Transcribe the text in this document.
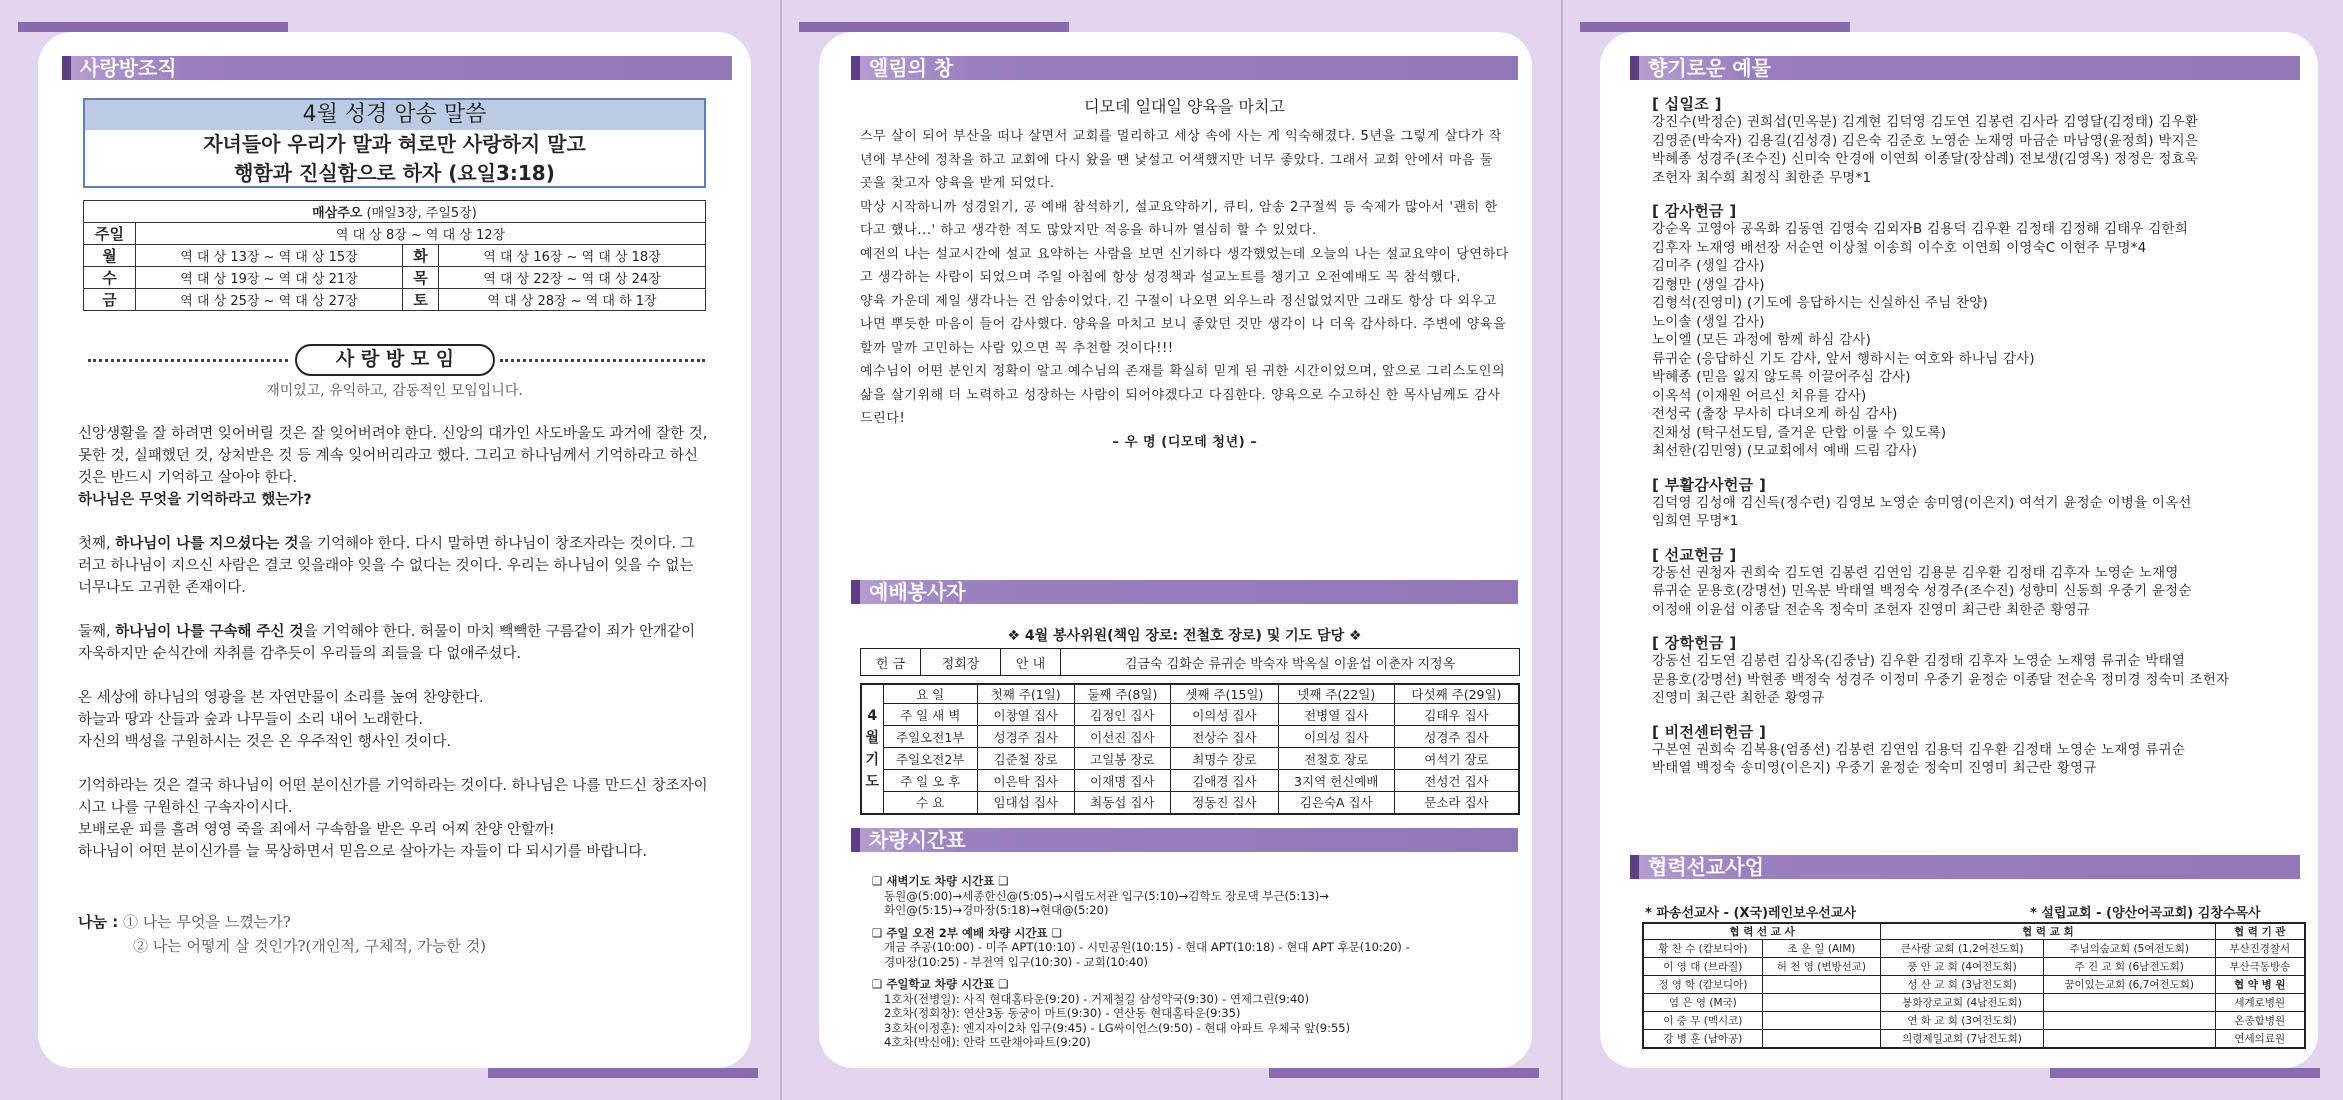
사랑방조직
4월 성경 암송 말씀
자녀들아 우리가 말과 혀로만 사랑하지 말고
행함과 진실함으로 하자 (요일3:18)
매삼주오 (매일3장, 주일5장)			
주일	역 대 상 8장 ~ 역 대 상 12장		
월	역 대 상 13장 ~ 역 대 상 15장	화	역 대 상 16장 ~ 역 대 상 18장
수	역 대 상 19장 ~ 역 대 상 21장	목	역 대 상 22장 ~ 역 대 상 24장
금	역 대 상 25장 ~ 역 대 상 27장	토	역 대 상 28장 ~ 역 대 하 1장
사 랑 방 모 임
재미있고, 유익하고, 감동적인 모임입니다.

신앙생활을 잘 하려면 잊어버릴 것은 잘 잊어버려야 한다. 신앙의 대가인 사도바울도 과거에 잘한 것, 못한 것, 실패했던 것, 상처받은 것 등 계속 잊어버리라고 했다. 그리고 하나님께서 기억하라고 하신 것은 반드시 기억하고 살아야 한다.

하나님은 무엇을 기억하라고 했는가?

첫째, 하나님이 나를 지으셨다는 것을 기억해야 한다. 다시 말하면 하나님이 창조자라는 것이다. 그러고 하나님이 지으신 사람은 결코 잊을래야 잊을 수 없다는 것이다. 우리는 하나님이 잊을 수 없는 너무나도 고귀한 존재이다.

둘째, 하나님이 나를 구속해 주신 것을 기억해야 한다. 허물이 마치 빽빽한 구름같이 죄가 안개같이 자욱하지만 순식간에 자취를 감추듯이 우리들의 죄들을 다 없애주셨다.

온 세상에 하나님의 영광을 본 자연만물이 소리를 높여 찬양한다.

하늘과 땅과 산들과 숲과 나무들이 소리 내어 노래한다.

자신의 백성을 구원하시는 것은 온 우주적인 행사인 것이다.

기억하라는 것은 결국 하나님이 어떤 분이신가를 기억하라는 것이다. 하나님은 나를 만드신 창조자이시고 나를 구원하신 구속자이시다.

보배로운 피를 흘려 영영 죽을 죄에서 구속함을 받은 우리 어찌 찬양 안할까!

하나님이 어떤 분이신가를 늘 묵상하면서 믿음으로 살아가는 자들이 다 되시기를 바랍니다.

나눔 : ① 나는 무엇을 느꼈는가?
② 나는 어떻게 살 것인가?(개인적, 구체적, 가능한 것)
엘림의 창
디모데 일대일 양육을 마치고

스무 살이 되어 부산을 떠나 살면서 교회를 멀리하고 세상 속에 사는 게 익숙해졌다. 5년을 그렇게 살다가 작년에 부산에 정착을 하고 교회에 다시 왔을 땐 낯설고 어색했지만 너무 좋았다. 그래서 교회 안에서 마음 둘 곳을 찾고자 양육을 받게 되었다.

막상 시작하니까 성경읽기, 공 예배 참석하기, 설교요약하기, 큐티, 암송 2구절씩 등 숙제가 많아서 '괜히 한다고 했나...' 하고 생각한 적도 많았지만 적응을 하니까 열심히 할 수 있었다.

예전의 나는 설교시간에 설교 요약하는 사람을 보면 신기하다 생각했었는데 오늘의 나는 설교요약이 당연하다고 생각하는 사람이 되었으며 주일 아침에 항상 성경책과 설교노트를 챙기고 오전예배도 꼭 참석했다.

양육 가운데 제일 생각나는 건 암송이었다. 긴 구절이 나오면 외우느라 정신없었지만 그래도 항상 다 외우고 나면 뿌듯한 마음이 들어 감사했다. 양육을 마치고 보니 좋았던 것만 생각이 나 더욱 감사하다. 주변에 양육을 할까 말까 고민하는 사람 있으면 꼭 추천할 것이다!!!

예수님이 어떤 분인지 정확이 알고 예수님의 존재를 확실히 믿게 된 귀한 시간이었으며, 앞으로 그리스도인의 삶을 살기위해 더 노력하고 성장하는 사람이 되어야겠다고 다짐한다. 양육으로 수고하신 한 목사님께도 감사드린다!

– 우 명 (디모데 청년) –

예배봉사자
❖ 4월 봉사위원(책임 장로: 전철호 장로) 및 기도 담당 ❖
헌 금	정회장	안 내	김금숙 김화순 류귀순 박숙자 박옥실 이윤섭 이춘자 지정옥
4
월
기
도	요 일	첫째 주(1일)	둘째 주(8일)	셋째 주(15일)	넷째 주(22일)	다섯째 주(29일)
	주 일 새 벽	이창열 집사	김정인 집사	이의성 집사	전병열 집사	김태우 집사
	주일오전1부	성경주 집사	이선진 집사	전상수 집사	이의성 집사	성경주 집사
	주일오전2부	김준철 장로	고일봉 장로	최명수 장로	전철호 장로	여석기 장로
	주 일 오 후	이은탁 집사	이재명 집사	김애경 집사	3지역 헌신예배	전성건 집사
	수 요	임대섭 집사	최동섭 집사	정동진 집사	김은숙A 집사	문소라 집사
차량시간표
❑ 새벽기도 차량 시간표 ❑
동원@(5:00)→세종한신@(5:05)→시립도서관 입구(5:10)→김학도 장로댁 부근(5:13)→
화인@(5:15)→경마장(5:18)→현대@(5:20)
❑ 주일 오전 2부 예배 차량 시간표 ❑
개금 주공(10:00) - 미주 APT(10:10) - 시민공원(10:15) - 현대 APT(10:18) - 현대 APT 후문(10:20) -
경마장(10:25) - 부전역 입구(10:30) - 교회(10:40)
❑ 주일학교 차량 시간표 ❑
1호차(전병일): 사직 현대홈타운(9:20) - 거제철길 삼성약국(9:30) - 연제그린(9:40)
2호차(정회창): 연산3동 동궁이 마트(9:30) - 연산동 현대홈타운(9:35)
3호차(이정훈): 엔지자이2차 입구(9:45) - LG싸이언스(9:50) - 현대 아파트 우체국 앞(9:55)
4호차(박신애): 안락 뜨란채아파트(9:20)
향기로운 예물
[ 십일조 ]
강진수(박정순) 권희섭(민옥분) 김계현 김덕영 김도연 김봉련 김사라 김영달(김정태) 김우환
김영준(박숙자) 김용길(김성경) 김은숙 김준호 노영순 노재영 마금순 마남영(윤정희) 박지은
박혜종 성경주(조수진) 신미숙 안경애 이연희 이종달(장삼례) 전보생(김영옥) 정정은 정효욱
조헌자 최수희 최정식 최한준 무명*1
[ 감사헌금 ]
강순옥 고영아 공옥화 김동연 김영숙 김외자B 김용덕 김우환 김정태 김정해 김태우 김한희
김후자 노재영 배선장 서순연 이상철 이송희 이수호 이연희 이영숙C 이현주 무명*4
김미주 (생일 감사)
김형만 (생일 감사)
김형석(진영미) (기도에 응답하시는 신실하신 주님 찬양)
노이솔 (생일 감사)
노이엘 (모든 과정에 함께 하심 감사)
류귀순 (응답하신 기도 감사, 앞서 행하시는 여호와 하나님 감사)
박혜종 (믿음 잃지 않도록 이끌어주심 감사)
이옥석 (이재원 어르신 치유를 감사)
전성국 (출장 무사히 다녀오게 하심 감사)
진채성 (탁구선도팀, 즐거운 단합 이룰 수 있도록)
최선한(김민영) (모교회에서 예배 드림 감사)
[ 부활감사헌금 ]
김덕영 김성애 김신득(정수련) 김영보 노영순 송미영(이은지) 여석기 윤정순 이병율 이옥선
임희연 무명*1
[ 선교헌금 ]
강동선 권청자 권희숙 김도연 김봉련 김연임 김용분 김우환 김정태 김후자 노영순 노재영
류귀순 문용호(강명선) 민옥분 박태열 백정숙 성경주(조수진) 성향미 신동희 우중기 윤정순
이정애 이윤섭 이종달 전순옥 정숙미 조헌자 진영미 최근란 최한준 황영규
[ 장학헌금 ]
강동선 김도연 김봉련 김상옥(김중남) 김우환 김정태 김후자 노영순 노재영 류귀순 박태열
문용호(강명선) 박현종 백정숙 성경주 이정미 우중기 윤정순 이종달 전순옥 정미경 정숙미 조헌자
진영미 최근란 최한준 황영규
[ 비전센터헌금 ]
구본연 권희숙 김복용(엄종선) 김봉련 김연임 김용덕 김우환 김정태 노영순 노재영 류귀순
박태열 백정숙 송미영(이은지) 우중기 윤정순 정숙미 진영미 최근란 황영규
협력선교사업
* 파송선교사 - (X국)레인보우선교사	* 설립교회 - (양산어곡교회) 김창수목사
협 력 선 교 사		협 력 교 회		협 력 기 관
황 찬 수 (캄보디아)	조 운 일 (AIM)	큰사랑 교회 (1,2여전도회)	주님의숲교회 (5여전도회)	부산진경찰서
이 영 대 (브라질)	허 천 영 (변방선교)	풍 안 교 회 (4여전도회)	주 진 교 회 (6남전도회)	부산극동방송
정 영 학 (캄보디아)		성 산 교 회 (3남전도회)	꿈이있는교회 (6,7여전도회)	협 약 병 원
염 은 영 (M국)		봉화장로교회 (4남전도회)		세계로병원
이 중 무 (멕시코)		연 화 교 회 (3여전도회)		온종합병원
강 병 훈 (남아공)		의령제일교회 (7남전도회)		연세의료원
